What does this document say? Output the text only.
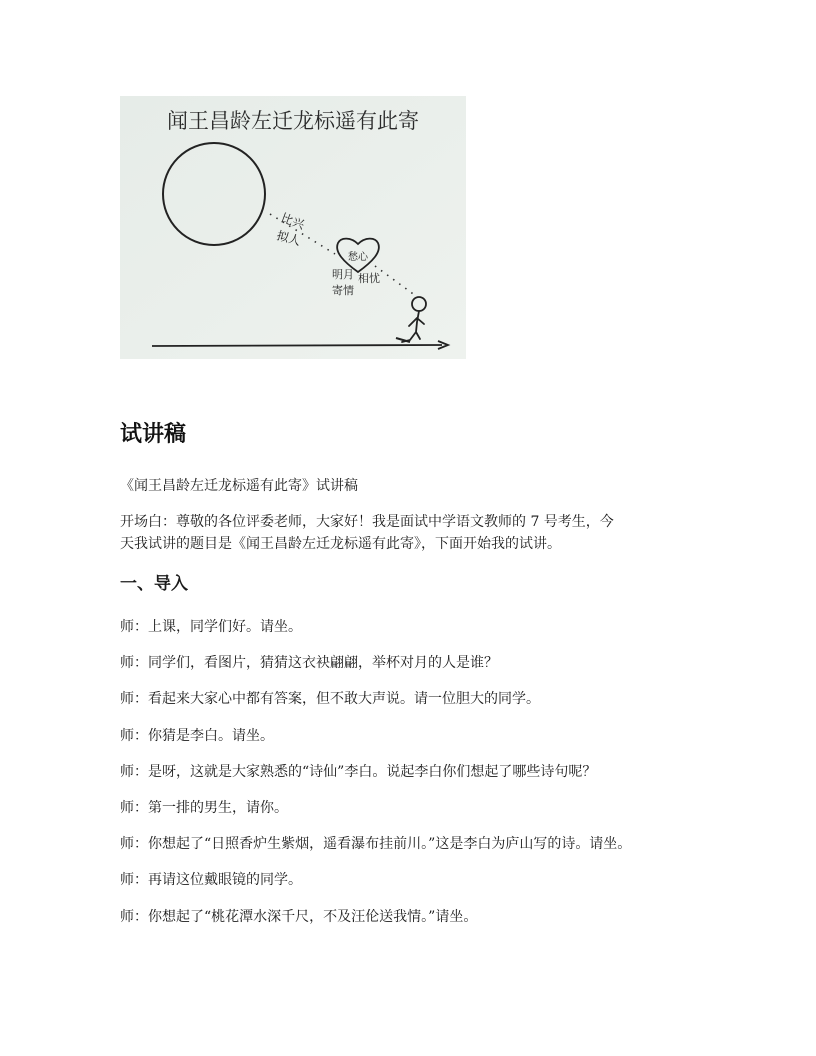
闻王昌龄左迁龙标遥有此寄
比兴
拟人
愁心
明月
寄情
相忧
试讲稿
《闻王昌龄左迁龙标遥有此寄》试讲稿
开场白：尊敬的各位评委老师，大家好！我是面试中学语文教师的 7 号考生，今
天我试讲的题目是《闻王昌龄左迁龙标遥有此寄》，下面开始我的试讲。
一、导入
师：上课，同学们好。请坐。
师：同学们，看图片，猜猜这衣袂翩翩，举杯对月的人是谁？
师：看起来大家心中都有答案，但不敢大声说。请一位胆大的同学。
师：你猜是李白。请坐。
师：是呀，这就是大家熟悉的“诗仙”李白。说起李白你们想起了哪些诗句呢？
师：第一排的男生，请你。
师：你想起了“日照香炉生紫烟，遥看瀑布挂前川。”这是李白为庐山写的诗。请坐。
师：再请这位戴眼镜的同学。
师：你想起了“桃花潭水深千尺，不及汪伦送我情。”请坐。
